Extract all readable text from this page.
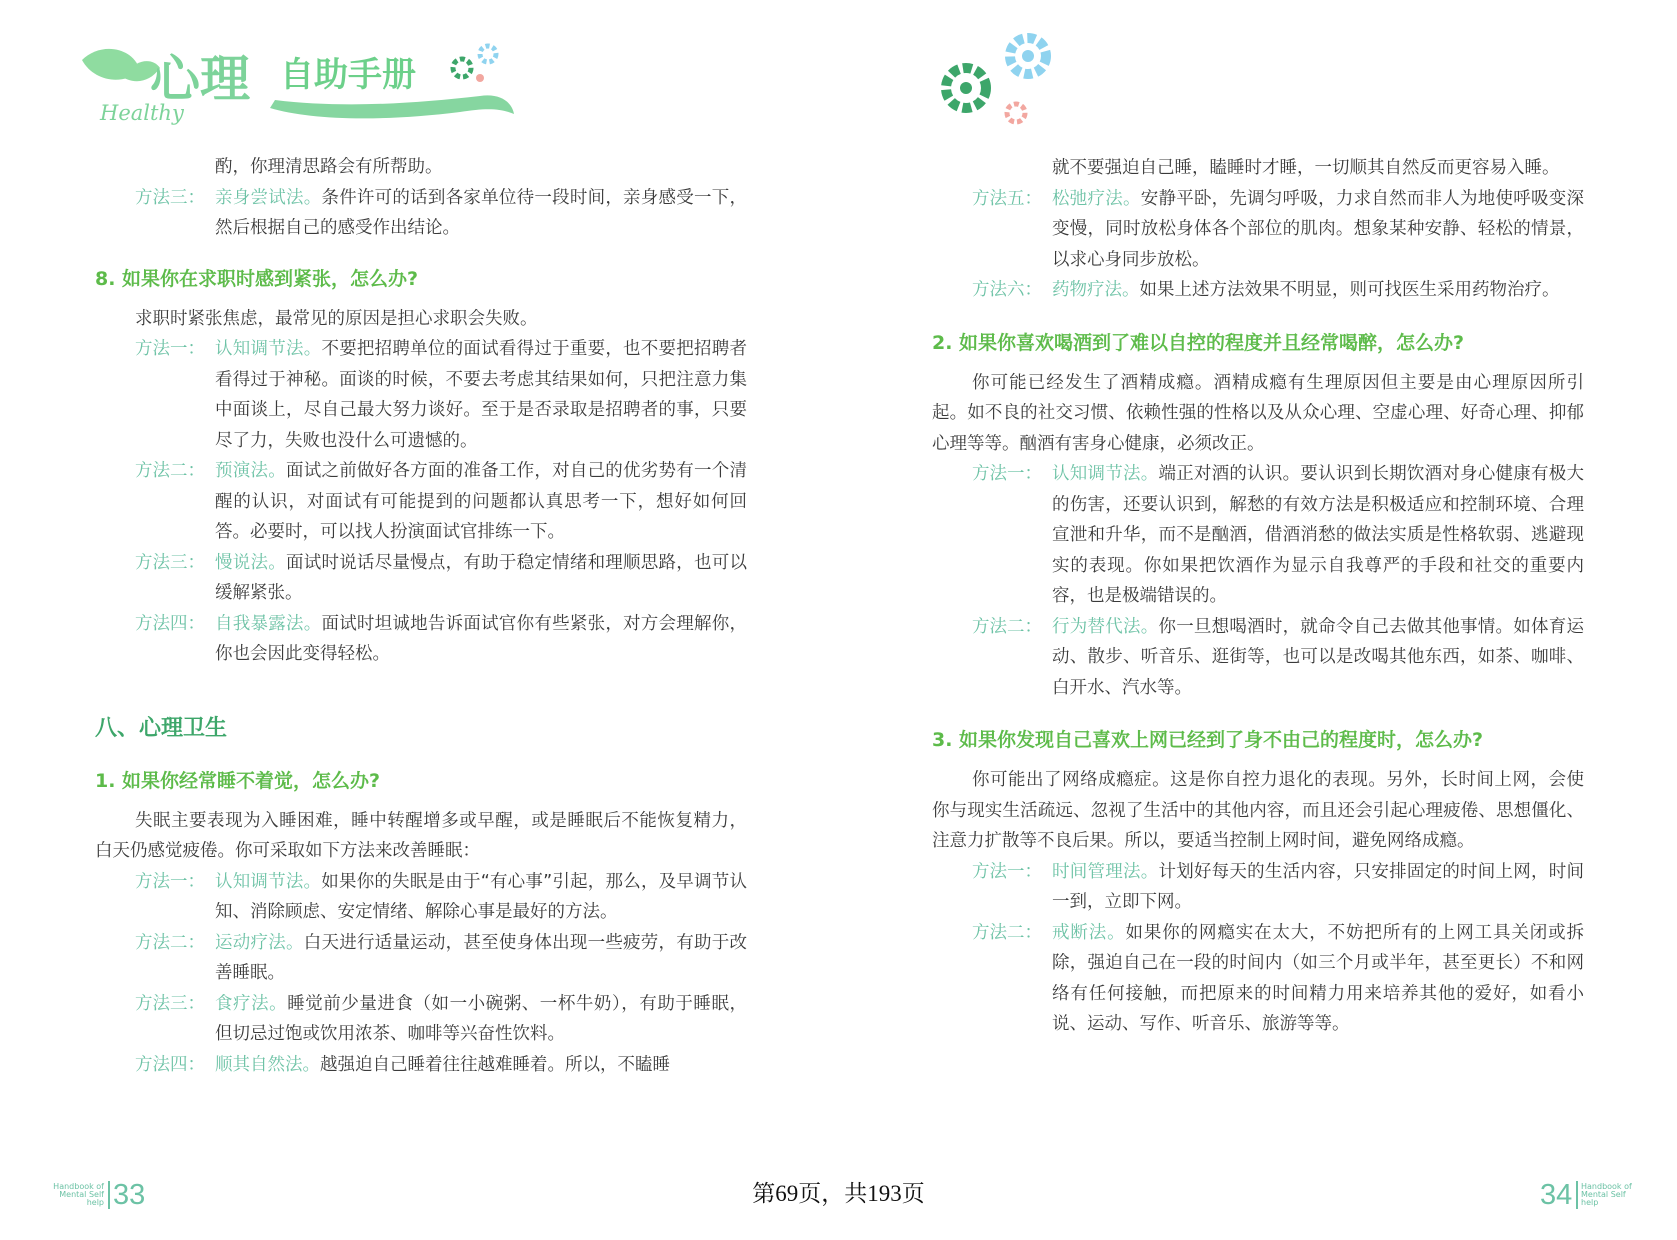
心理
Healthy
自助手册

酌，你理清思路会有所帮助。

方法三： 亲身尝试法。条件许可的话到各家单位待一段时间，亲身感受一下， 然后根据自己的感受作出结论。
8. 如果你在求职时感到紧张，怎么办?

求职时紧张焦虑，最常见的原因是担心求职会失败。

方法一： 认知调节法。不要把招聘单位的面试看得过于重要，也不要把招聘者看得过于神秘。面谈的时候，不要去考虑其结果如何，只把注意力集中面谈上，尽自己最大努力谈好。至于是否录取是招聘者的事，只要尽了力，失败也没什么可遗憾的。
方法二： 预演法。面试之前做好各方面的准备工作，对自己的优劣势有一个清醒的认识，对面试有可能提到的问题都认真思考一下，想好如何回答。必要时，可以找人扮演面试官排练一下。
方法三： 慢说法。面试时说话尽量慢点，有助于稳定情绪和理顺思路，也可以缓解紧张。
方法四： 自我暴露法。面试时坦诚地告诉面试官你有些紧张，对方会理解你，你也会因此变得轻松。
八、心理卫生
1. 如果你经常睡不着觉，怎么办?

失眠主要表现为入睡困难，睡中转醒增多或早醒，或是睡眠后不能恢复精力，白天仍感觉疲倦。你可采取如下方法来改善睡眠：

方法一： 认知调节法。如果你的失眠是由于“有心事”引起，那么，及早调节认知、消除顾虑、安定情绪、解除心事是最好的方法。
方法二： 运动疗法。白天进行适量运动，甚至使身体出现一些疲劳，有助于改善睡眠。
方法三： 食疗法。睡觉前少量进食（如一小碗粥、一杯牛奶），有助于睡眠，但切忌过饱或饮用浓茶、咖啡等兴奋性饮料。
方法四： 顺其自然法。越强迫自己睡着往往越难睡着。所以，不瞌睡
Handbook of
Mental Self
help 33

就不要强迫自己睡，瞌睡时才睡，一切顺其自然反而更容易入睡。

方法五： 松弛疗法。安静平卧，先调匀呼吸，力求自然而非人为地使呼吸变深变慢，同时放松身体各个部位的肌肉。想象某种安静、轻松的情景，以求心身同步放松。
方法六： 药物疗法。如果上述方法效果不明显，则可找医生采用药物治疗。
2. 如果你喜欢喝酒到了难以自控的程度并且经常喝醉，怎么办?

你可能已经发生了酒精成瘾。酒精成瘾有生理原因但主要是由心理原因所引起。如不良的社交习惯、依赖性强的性格以及从众心理、空虚心理、好奇心理、抑郁心理等等。酗酒有害身心健康，必须改正。

方法一： 认知调节法。端正对酒的认识。要认识到长期饮酒对身心健康有极大的伤害，还要认识到，解愁的有效方法是积极适应和控制环境、合理宣泄和升华，而不是酗酒，借酒消愁的做法实质是性格软弱、逃避现实的表现。你如果把饮酒作为显示自我尊严的手段和社交的重要内容，也是极端错误的。
方法二： 行为替代法。你一旦想喝酒时，就命令自己去做其他事情。如体育运动、散步、听音乐、逛街等，也可以是改喝其他东西，如茶、咖啡、白开水、汽水等。
3. 如果你发现自己喜欢上网已经到了身不由己的程度时，怎么办?

你可能出了网络成瘾症。这是你自控力退化的表现。另外，长时间上网，会使你与现实生活疏远、忽视了生活中的其他内容，而且还会引起心理疲倦、思想僵化、注意力扩散等不良后果。所以，要适当控制上网时间，避免网络成瘾。

方法一： 时间管理法。计划好每天的生活内容，只安排固定的时间上网，时间一到，立即下网。
方法二： 戒断法。如果你的网瘾实在太大，不妨把所有的上网工具关闭或拆除，强迫自己在一段的时间内（如三个月或半年，甚至更长）不和网络有任何接触，而把原来的时间精力用来培养其他的爱好，如看小说、运动、写作、听音乐、旅游等等。
34 Handbook of
Mental Self
help
第69页，共193页
